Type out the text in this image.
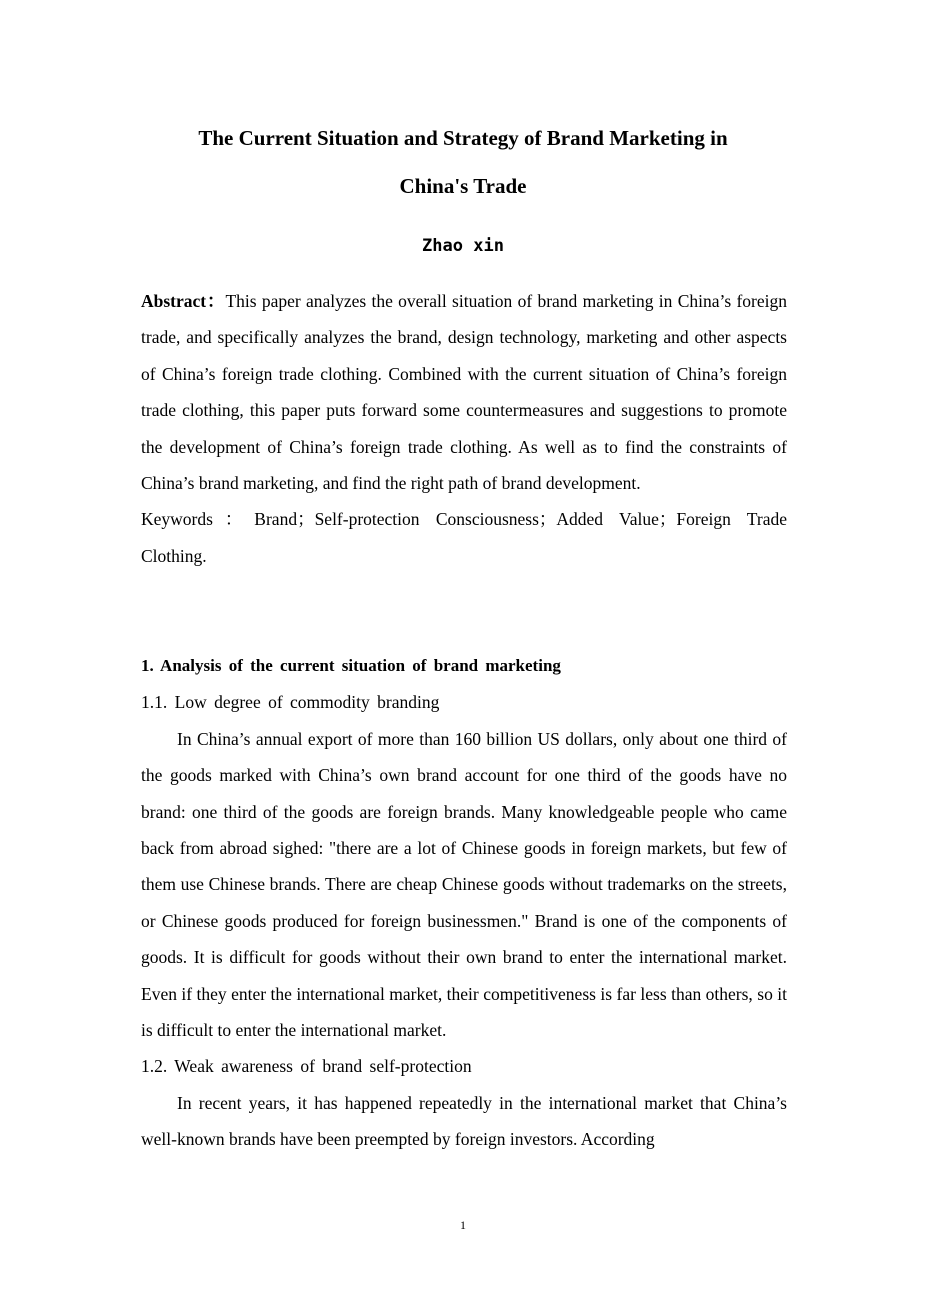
The Current Situation and Strategy of Brand Marketing in
China's Trade
Zhao xin

Abstract：This paper analyzes the overall situation of brand marketing in China’s foreign trade, and specifically analyzes the brand, design technology, marketing and other aspects of China’s foreign trade clothing. Combined with the current situation of China’s foreign trade clothing, this paper puts forward some countermeasures and suggestions to promote the development of China’s foreign trade clothing. As well as to find the constraints of China’s brand marketing, and find the right path of brand development.

Keywords：Brand；Self-protection Consciousness；Added Value；Foreign Trade Clothing.

1. Analysis of the current situation of brand marketing

1.1. Low degree of commodity branding

In China’s annual export of more than 160 billion US dollars, only about one third of the goods marked with China’s own brand account for one third of the goods have no brand: one third of the goods are foreign brands. Many knowledgeable people who came back from abroad sighed: "there are a lot of Chinese goods in foreign markets, but few of them use Chinese brands. There are cheap Chinese goods without trademarks on the streets, or Chinese goods produced for foreign businessmen." Brand is one of the components of goods. It is difficult for goods without their own brand to enter the international market. Even if they enter the international market, their competitiveness is far less than others, so it is difficult to enter the international market.

1.2. Weak awareness of brand self-protection

In recent years, it has happened repeatedly in the international market that China’s well-known brands have been preempted by foreign investors. According

1
